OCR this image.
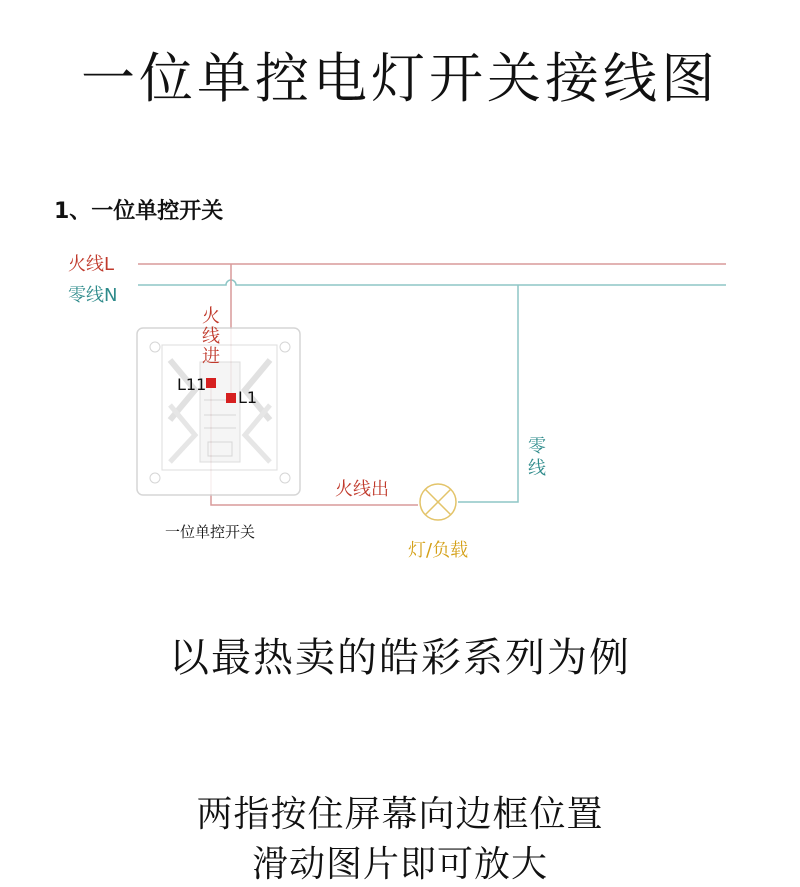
一位单控电灯开关接线图
1、一位单控开关
火线L
零线N
火
线
进
L11
L1
零
线
火线出
灯/负载
一位单控开关
以最热卖的皓彩系列为例
两指按住屏幕向边框位置
滑动图片即可放大
